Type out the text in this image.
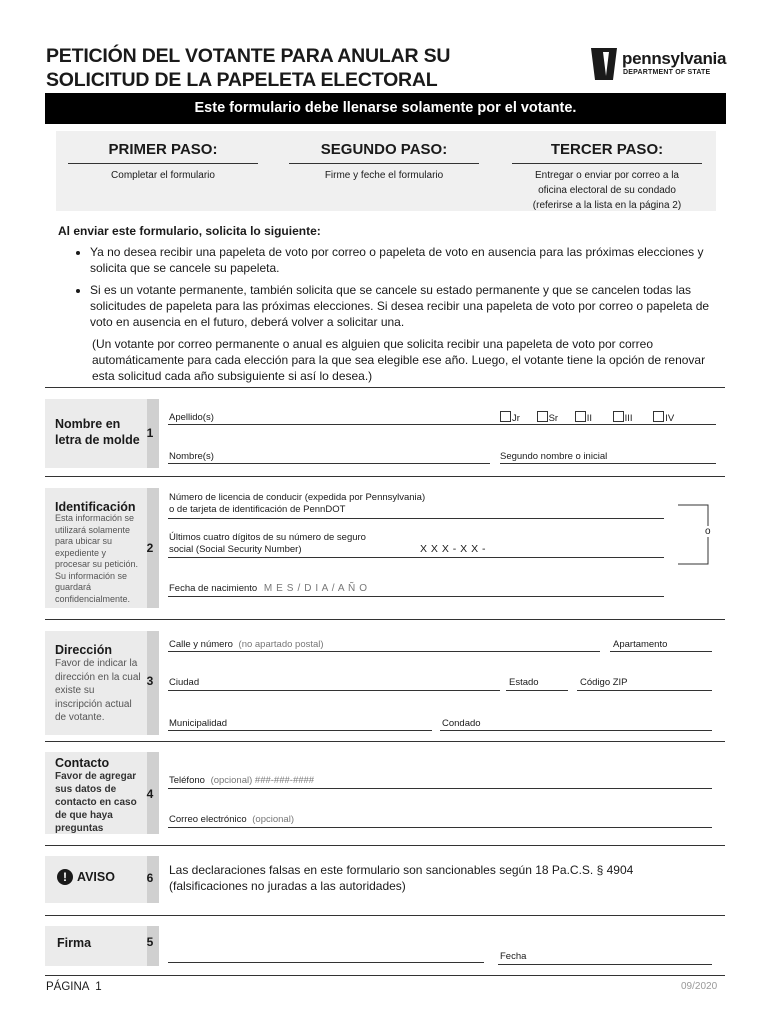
PETICIÓN DEL VOTANTE PARA ANULAR SU
SOLICITUD DE LA PAPELETA ELECTORAL
pennsylvania
DEPARTMENT OF STATE
Este formulario debe llenarse solamente por el votante.
PRIMER PASO:
Completar el formulario
SEGUNDO PASO:
Firme y feche el formulario
TERCER PASO:
Entregar o enviar por correo a la oficina electoral de su condado (referirse a la lista en la página 2)
Al enviar este formulario, solicita lo siguiente:
• Ya no desea recibir una papeleta de voto por correo o papeleta de voto en ausencia para las próximas elecciones y solicita que se cancele su papeleta.
• Si es un votante permanente, también solicita que se cancele su estado permanente y que se cancelen todas las solicitudes de papeleta para las próximas elecciones. Si desea recibir una papeleta de voto por correo o papeleta de voto en ausencia en el futuro, deberá volver a solicitar una.
(Un votante por correo permanente o anual es alguien que solicita recibir una papeleta de voto por correo automáticamente para cada elección para la que sea elegible ese año. Luego, el votante tiene la opción de renovar esta solicitud cada año subsiguiente si así lo desea.)
Nombre en letra de molde 1
Apellido(s)	Jr	Sr	II	III	IV
Nombre(s)	Segundo nombre o inicial
Identificación
Esta información se utilizará solamente para ubicar su expediente y procesar su petición. Su información se guardará confidencialmente.
2
Número de licencia de conducir (expedida por Pennsylvania)
o de tarjeta de identificación de PennDOT
Últimos cuatro dígitos de su número de seguro
social (Social Security Number)	X X X - X X -
o
Fecha de nacimiento M E S / D I A / A Ñ O
Dirección
Favor de indicar la dirección en la cual existe su inscripción actual de votante.
3
Calle y número (no apartado postal)	Apartamento
Ciudad	Estado	Código ZIP
Municipalidad	Condado
Contacto
Favor de agregar sus datos de contacto en caso de que haya preguntas
4
Teléfono (opcional) ###-###-####
Correo electrónico (opcional)
! AVISO	6
Las declaraciones falsas en este formulario son sancionables según 18 Pa.C.S. § 4904
(falsificaciones no juradas a las autoridades)
Firma	5
Fecha
PÁGINA  1	09/2020
